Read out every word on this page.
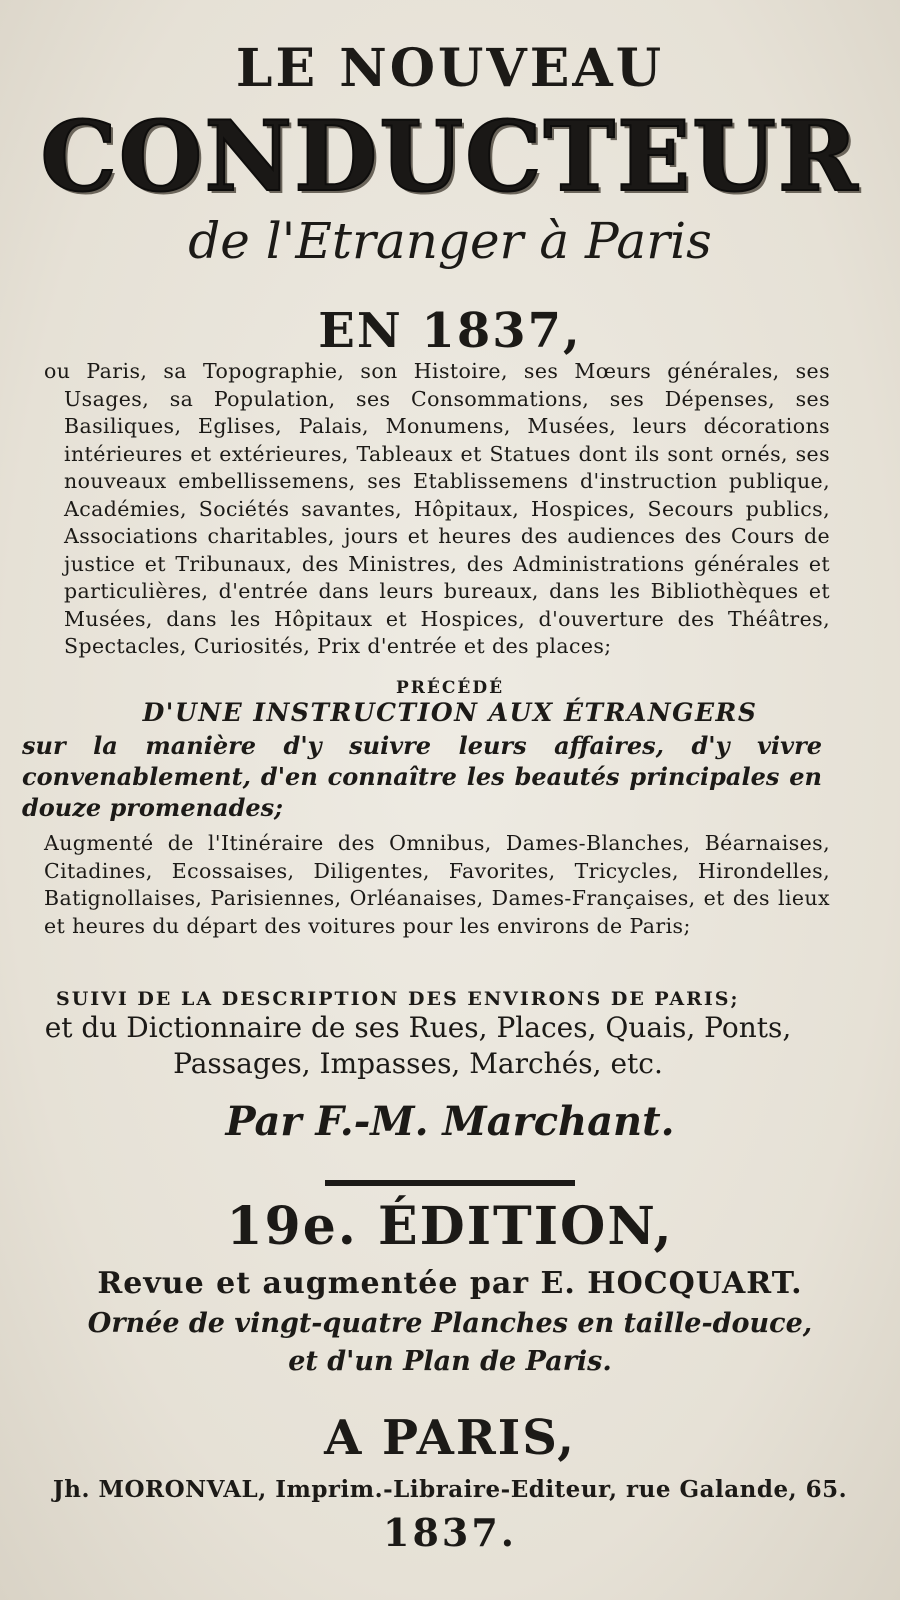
LE NOUVEAU
CONDUCTEUR
de l'Etranger à Paris
EN 1837,
ou Paris, sa Topographie, son Histoire, ses Mœurs générales, ses Usages, sa Population, ses Consommations, ses Dépenses, ses Basiliques, Eglises, Palais, Monumens, Musées, leurs décorations intérieures et extérieures, Tableaux et Statues dont ils sont ornés, ses nouveaux embellissemens, ses Etablissemens d'instruction publique, Académies, Sociétés savantes, Hôpitaux, Hospices, Secours publics, Associations charitables, jours et heures des audiences des Cours de justice et Tribunaux, des Ministres, des Administrations générales et particulières, d'entrée dans leurs bureaux, dans les Bibliothèques et Musées, dans les Hôpitaux et Hospices, d'ouverture des Théâtres, Spectacles, Curiosités, Prix d'entrée et des places;
PRÉCÉDÉ
D'UNE INSTRUCTION AUX ÉTRANGERS
sur la manière d'y suivre leurs affaires, d'y vivre convenablement, d'en connaître les beautés principales en douze promenades;
Augmenté de l'Itinéraire des Omnibus, Dames-Blanches, Béarnaises, Citadines, Ecossaises, Diligentes, Favorites, Tricycles, Hirondelles, Batignollaises, Parisiennes, Orléanaises, Dames-Françaises, et des lieux et heures du départ des voitures pour les environs de Paris;
SUIVI DE LA DESCRIPTION DES ENVIRONS DE PARIS;
et du Dictionnaire de ses Rues, Places, Quais, Ponts, Passages, Impasses, Marchés, etc.
Par F.-M. Marchant.
19e. ÉDITION,
Revue et augmentée par E. HOCQUART.
Ornée de vingt-quatre Planches en taille-douce,
et d'un Plan de Paris.
A PARIS,
Jh. MORONVAL, Imprim.-Libraire-Editeur, rue Galande, 65.
1837.
